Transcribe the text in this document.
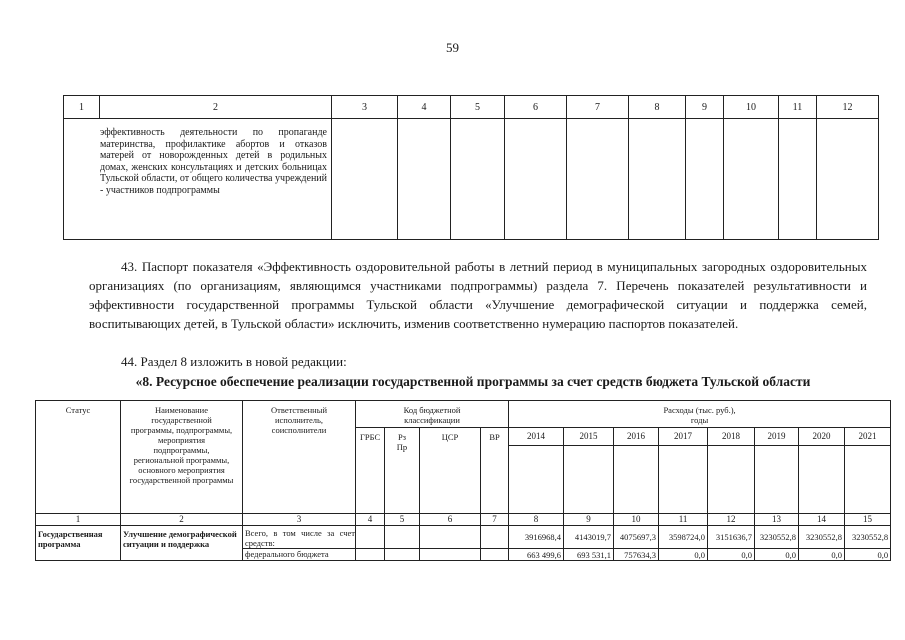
59
1	2	3	4	5	6	7	8	9	10	11	12
эффективность деятельности по пропаганде материнства, профилактике абортов и отказов матерей от новорожденных детей в родильных домах, женских консультациях и детских больницах Тульской области, от общего количества учреждений - участников подпрограммы											
43. Паспорт показателя «Эффективность оздоровительной работы в летний период в муниципальных загородных оздоровительных организациях (по организациям, являющимся участниками подпрограммы) раздела 7. Перечень показателей результативности и эффективности государственной программы Тульской области «Улучшение демографической ситуации и поддержка семей, воспитывающих детей, в Тульской области» исключить, изменив соответственно нумерацию паспортов показателей.
44. Раздел 8 изложить в новой редакции:
«8. Ресурсное обеспечение реализации государственной программы за счет средств бюджета Тульской области
Статус	Наименование государственной программы, подпрограммы, мероприятия подпрограммы, региональной программы, основного мероприятия государственной программы	Ответственный исполнитель, соисполнители	Код бюджетной классификации				Расходы (тыс. руб.), годы							
			ГРБС	Рз Пр	ЦСР	ВР	2014	2015	2016	2017	2018	2019	2020	2021

1	2	3	4	5	6	7	8	9	10	11	12	13	14	15
Государственная программа	Улучшение демографической ситуации и поддержка	Всего, в том числе за счет средств:					3916968,4	4143019,7	4075697,3	3598724,0	3151636,7	3230552,8	3230552,8	3230552,8
		федерального бюджета					663 499,6	693 531,1	757634,3	0,0	0,0	0,0	0,0	0,0
